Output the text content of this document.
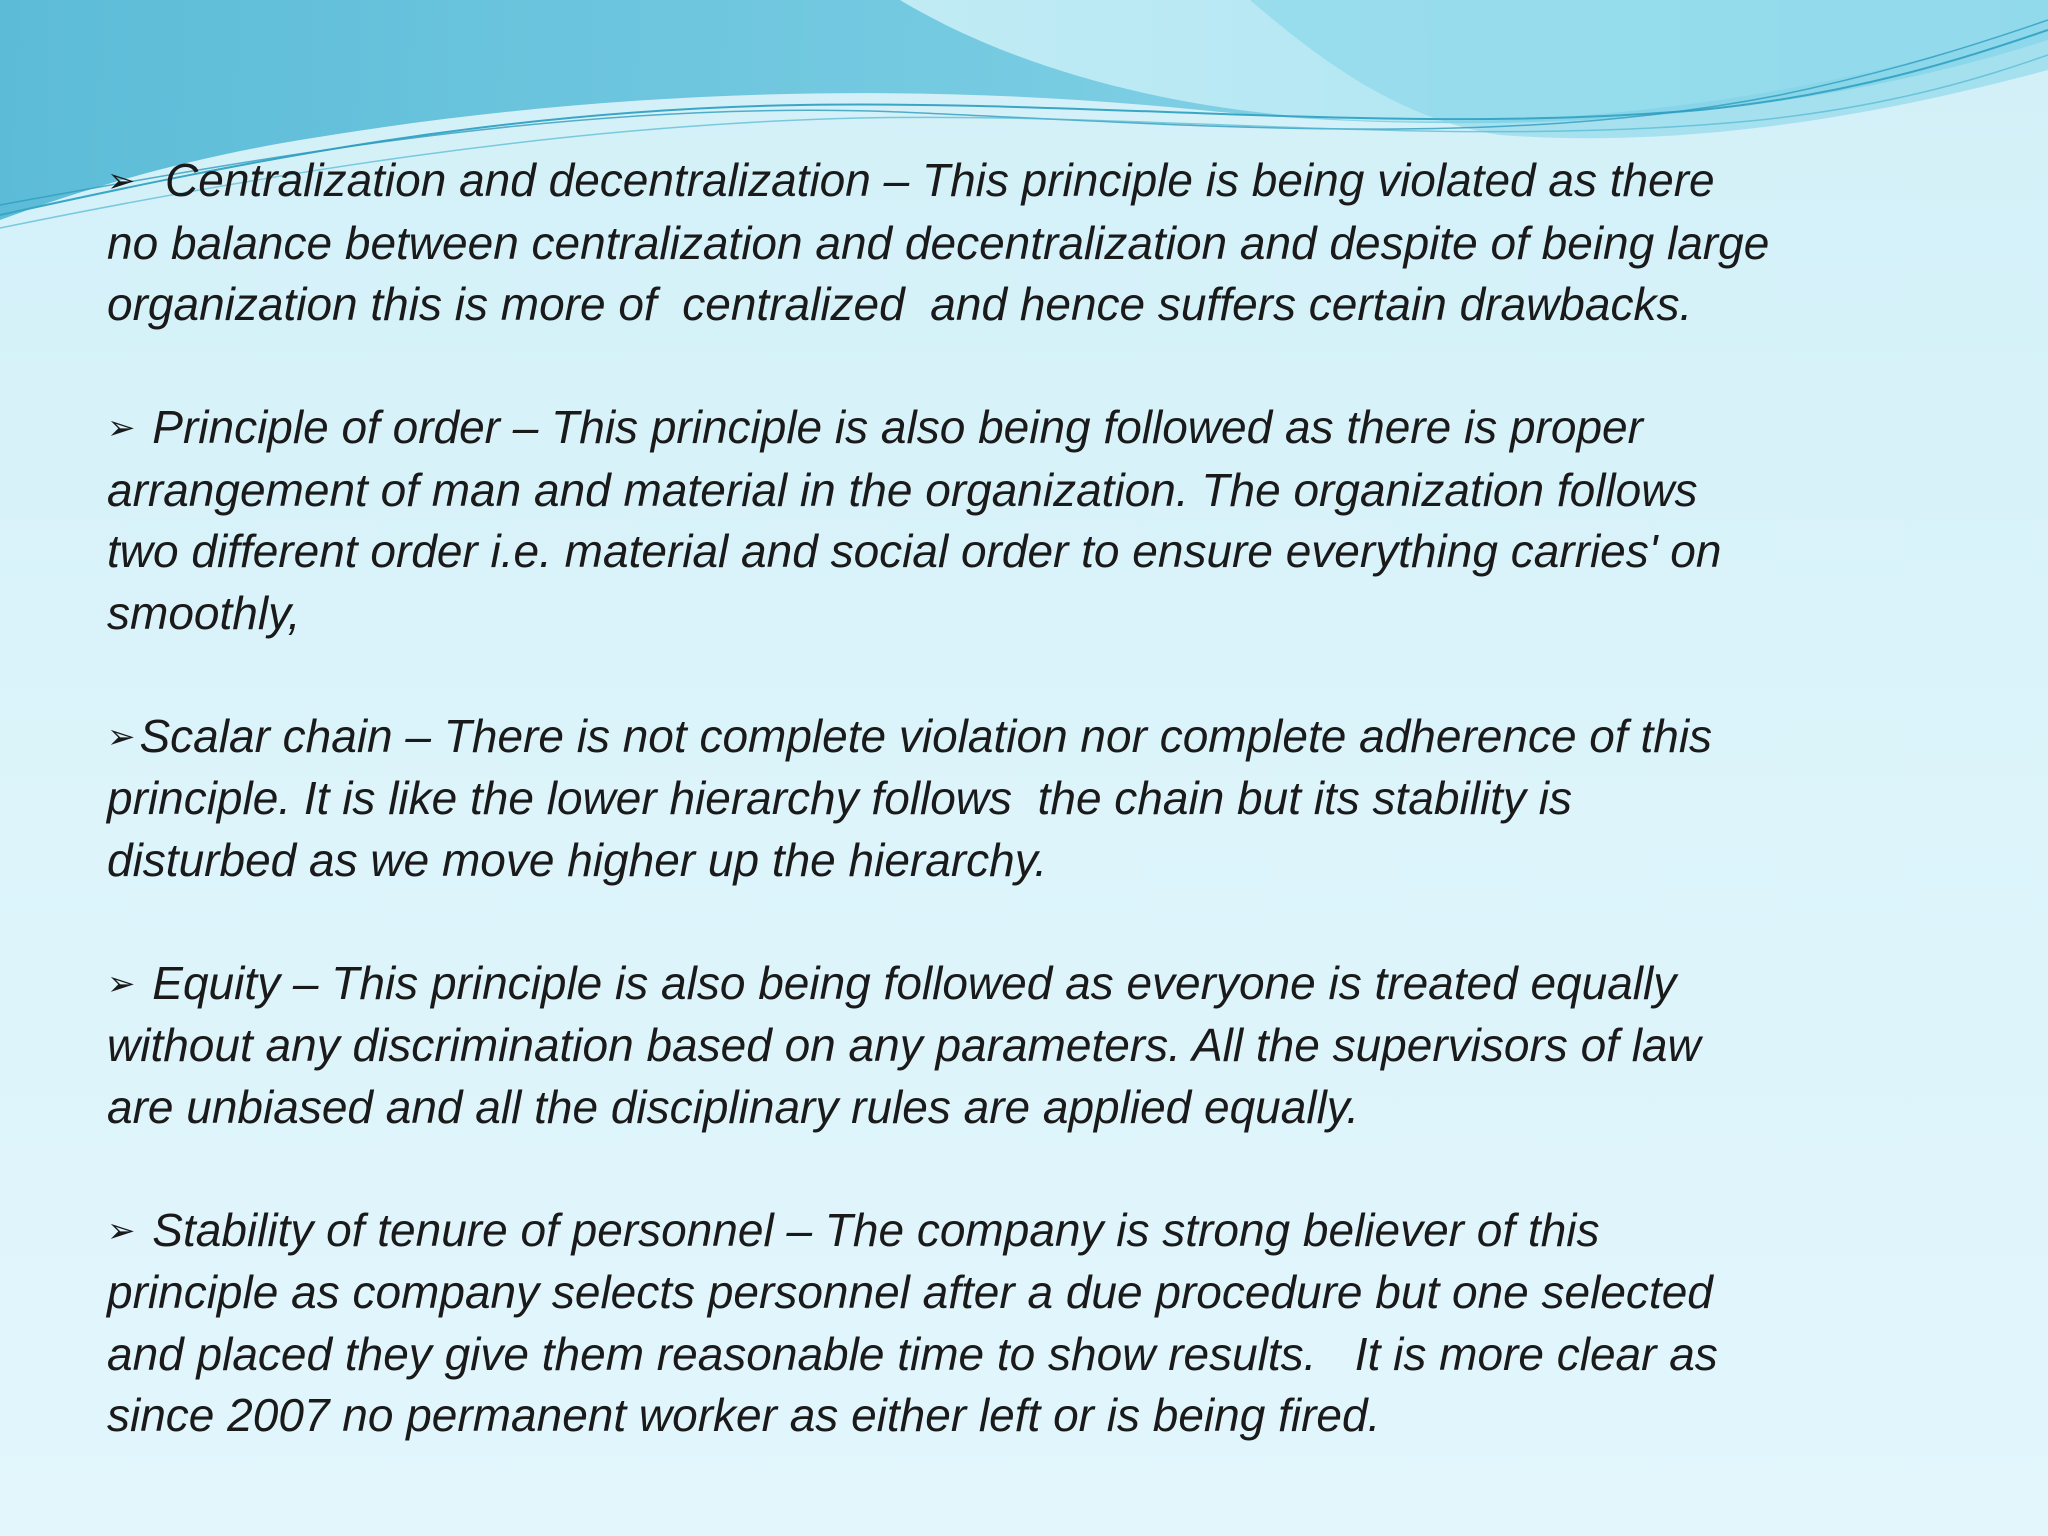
➢  Centralization and decentralization – This principle is being violated as there
no balance between centralization and decentralization and despite of being large
organization this is more of  centralized  and hence suffers certain drawbacks.

➢ Principle of order – This principle is also being followed as there is proper
arrangement of man and material in the organization. The organization follows
two different order i.e. material and social order to ensure everything carries' on
smoothly,

➢Scalar chain – There is not complete violation nor complete adherence of this
principle. It is like the lower hierarchy follows  the chain but its stability is
disturbed as we move higher up the hierarchy.

➢ Equity – This principle is also being followed as everyone is treated equally
without any discrimination based on any parameters. All the supervisors of law
are unbiased and all the disciplinary rules are applied equally.

➢ Stability of tenure of personnel – The company is strong believer of this
principle as company selects personnel after a due procedure but one selected
and placed they give them reasonable time to show results.   It is more clear as
since 2007 no permanent worker as either left or is being fired.
